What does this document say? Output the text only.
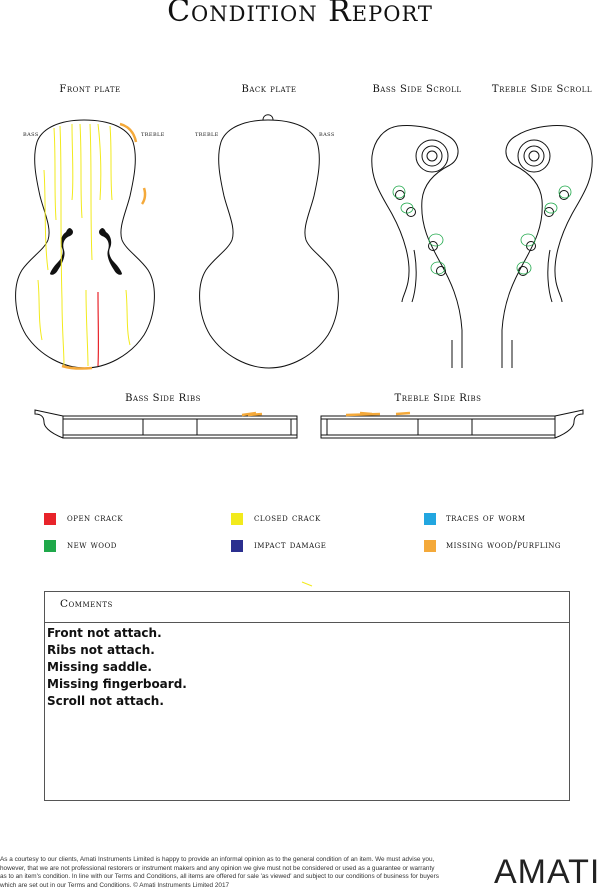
Condition Report
Front plate	Back plate	Bass Side Scroll	Treble Side Scroll
Bass Side Ribs	Treble Side Ribs
bass	treble	treble	bass
open crack	closed crack	traces of worm
new wood	impact damage	missing wood/purfling
Comments
Front not attach.
Ribs not attach.
Missing saddle.
Missing fingerboard.
Scroll not attach.
As a courtesy to our clients, Amati Instruments Limited is happy to provide an informal opinion as to the general condition of an item. We must advise you, however, that we are not professional restorers or instrument makers and any opinion we give must not be considered or used as a guarantee or warranty as to an item's condition. In line with our Terms and Conditions, all items are offered for sale 'as viewed' and subject to our conditions of business for buyers which are set out in our Terms and Conditions. © Amati Instruments Limited 2017	AMATI
